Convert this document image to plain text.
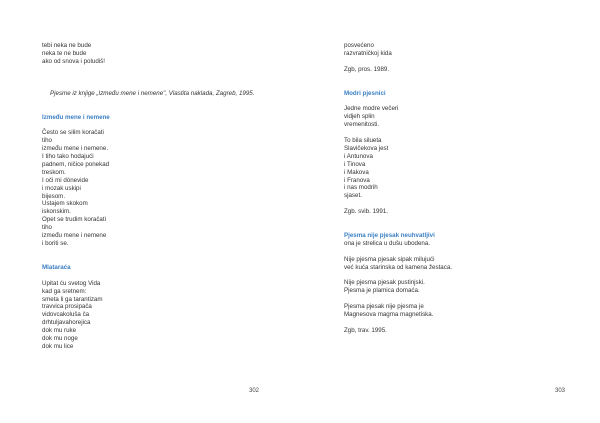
tebi neka ne bude
neka te ne bude
ako od snova i poludiš!
Pjesme iz knjige „Između mene i nemene", Vlastita naklada, Zagreb, 1995.
Između mene i nemene
Često se silim koračati
tiho
između mene i nemene.
I tiho tako hodajući
padnem, ničice ponekad
treskom.
I oči mi dónevide
i mozak uskipi
bijesom.
Ustajem skokom
iskonskim.
Opet se trudim koračati
tiho
između mene i nemene
i boriti se.
Mlataraća
Upitat ću svetog Vida
kad ga sretnem:
smeta li ga tarantizam
travvica prosipača
vidovcakoluša ča
drhtuljavahorejica
dok mu ruke
dok mu noge
dok mu lice
302
posvećeno
razvratničkoj kida
Zgb, pros. 1989.
Modri pjesnici
Jedne modre večeri
vidjeh splin
vremenitosti.
To bila silueta
Slavičekova jest
i Antunova
i Tinova
i Makova
i Franova
i nas modrih
sjaset.
Zgb. svib. 1991.
Pjesma nije pjesak neuhvatljivi
ona je strelica u dušu ubodena.
Nije pjesma pjesak sipak milujući
već kuća starinska od kamena žestaca.
Nije pjesma pjesak pustinjski.
Pjesma je plamica domaća.
Pjesma pjesak nije pjesma je
Magnesova magma magnetiska.
Zgb, trav. 1995.
303
